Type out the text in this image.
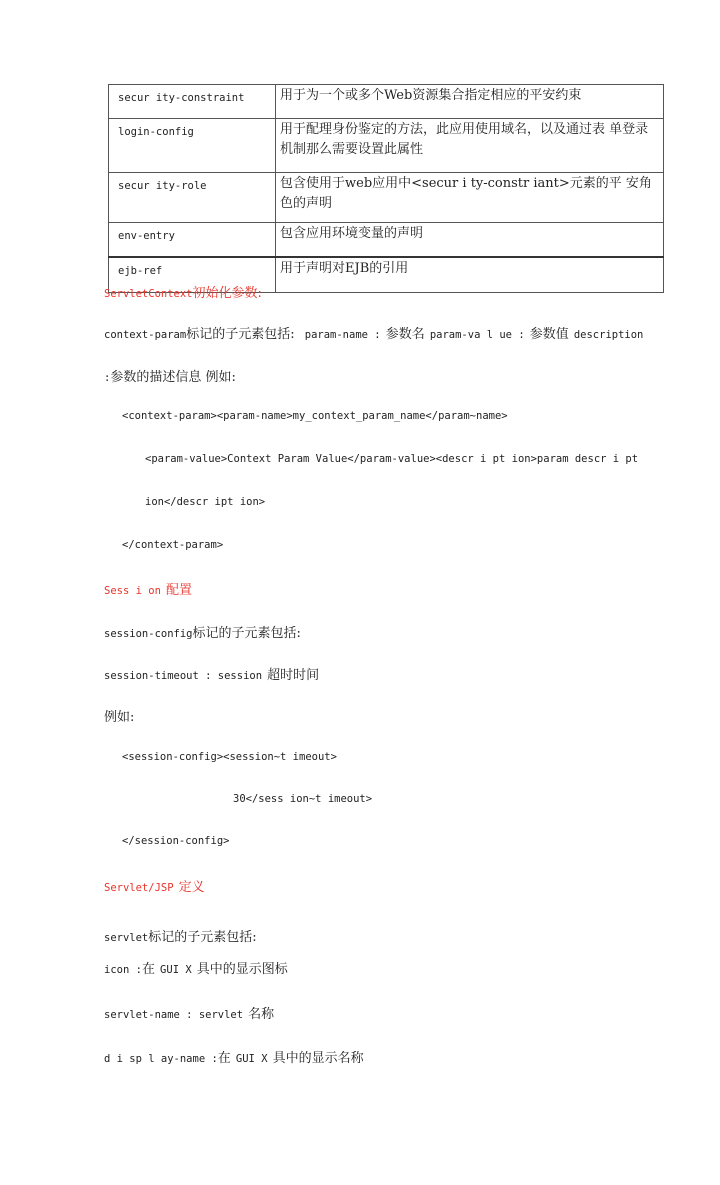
secur ity-constraint	用于为一个或多个Web资源集合指定相应的平安约束
login-config	用于配理身份鉴定的方法，此应用使用域名，以及通过表 单登录机制那么需要设置此属性
secur ity-role	包含使用于web应用中<secur i ty-constr iant>元素的平 安角色的声明
env-entry	包含应用环境变量的声明
ejb-ref	用于声明对EJB的引用
ServletContext初始化参数:
context-param标记的子元素包括: param-name : 参数名 param-va l ue : 参数值 description
:参数的描述信息 例如:
<context-param><param-name>my_context_param_name</param~name>
<param-value>Context Param Value</param-value><descr i pt ion>param descr i pt
ion</descr ipt ion>
</context-param>
Sess i on 配置
session-config标记的子元素包括:
session-timeout : session 超时时间
例如:
<session-config><session~t imeout>
30</sess ion~t imeout>
</session-config>
Servlet/JSP 定义
servlet标记的子元素包括:
icon :在 GUI X 具中的显示图标
servlet-name : servlet 名称
d i sp l ay-name :在 GUI X 具中的显示名称
